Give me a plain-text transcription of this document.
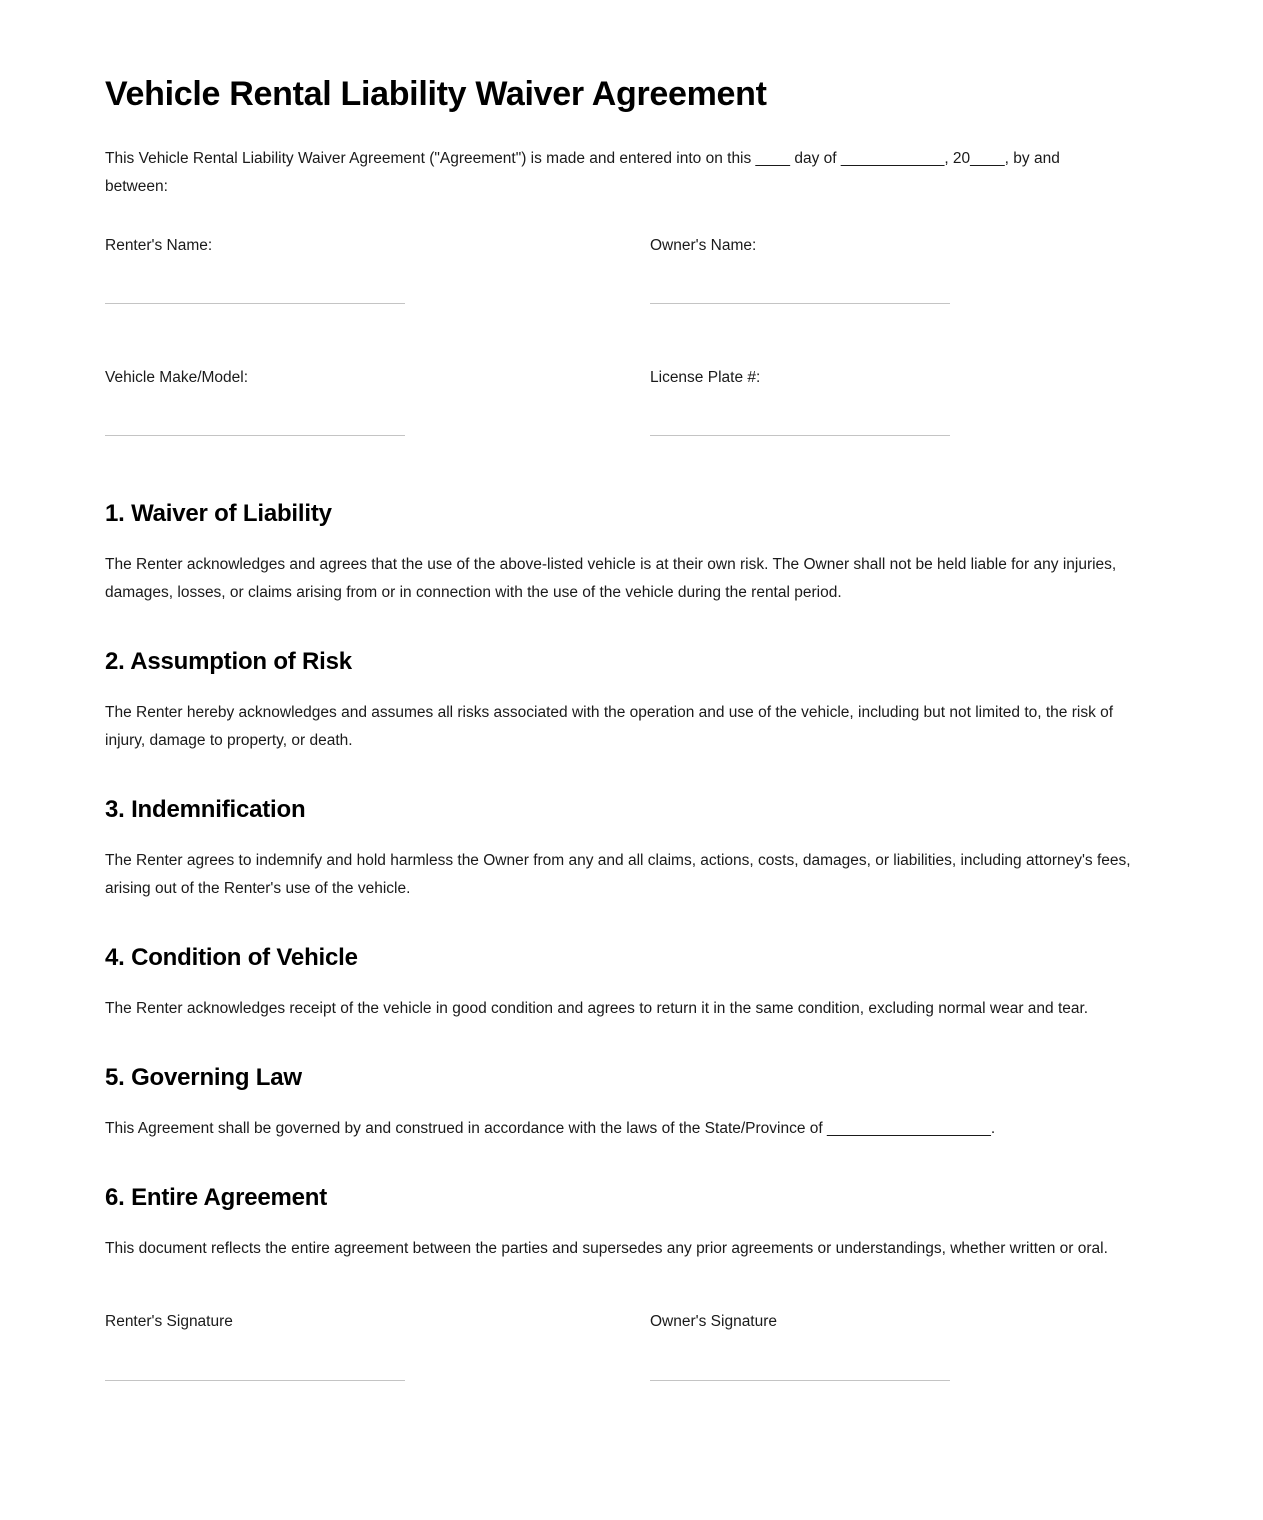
Vehicle Rental Liability Waiver Agreement

This Vehicle Rental Liability Waiver Agreement ("Agreement") is made and entered into on this ____ day of ____________, 20____, by and between:

Renter's Name:	Owner's Name:
Vehicle Make/Model:	License Plate #:
1. Waiver of Liability

The Renter acknowledges and agrees that the use of the above-listed vehicle is at their own risk. The Owner shall not be held liable for any injuries, damages, losses, or claims arising from or in connection with the use of the vehicle during the rental period.

2. Assumption of Risk

The Renter hereby acknowledges and assumes all risks associated with the operation and use of the vehicle, including but not limited to, the risk of injury, damage to property, or death.

3. Indemnification

The Renter agrees to indemnify and hold harmless the Owner from any and all claims, actions, costs, damages, or liabilities, including attorney's fees, arising out of the Renter's use of the vehicle.

4. Condition of Vehicle

The Renter acknowledges receipt of the vehicle in good condition and agrees to return it in the same condition, excluding normal wear and tear.

5. Governing Law

This Agreement shall be governed by and construed in accordance with the laws of the State/Province of ___________________.

6. Entire Agreement

This document reflects the entire agreement between the parties and supersedes any prior agreements or understandings, whether written or oral.

Renter's Signature	Owner's Signature
